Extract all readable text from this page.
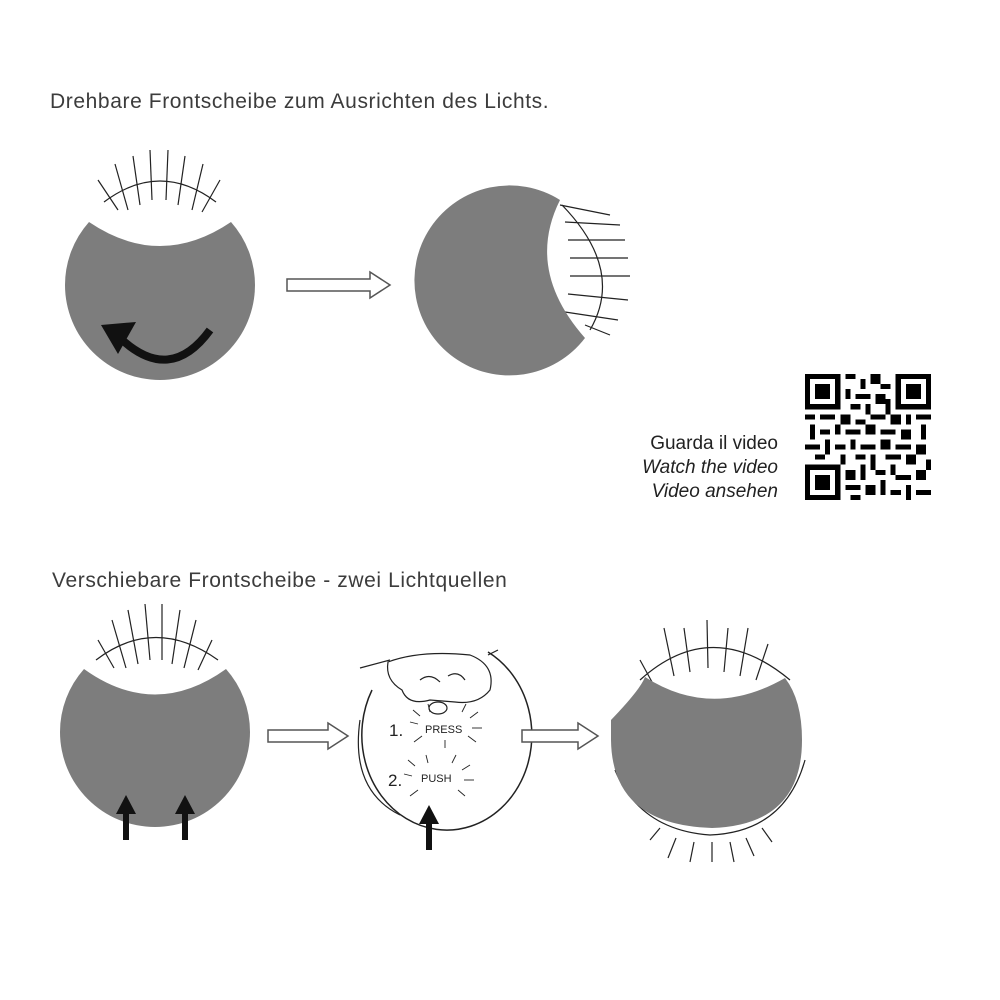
Drehbare Frontscheibe zum Ausrichten des Lichts.
Verschiebare Frontscheibe - zwei Lichtquellen
1. PRESS
2. PUSH
Guarda il video
Watch the video
Video ansehen
